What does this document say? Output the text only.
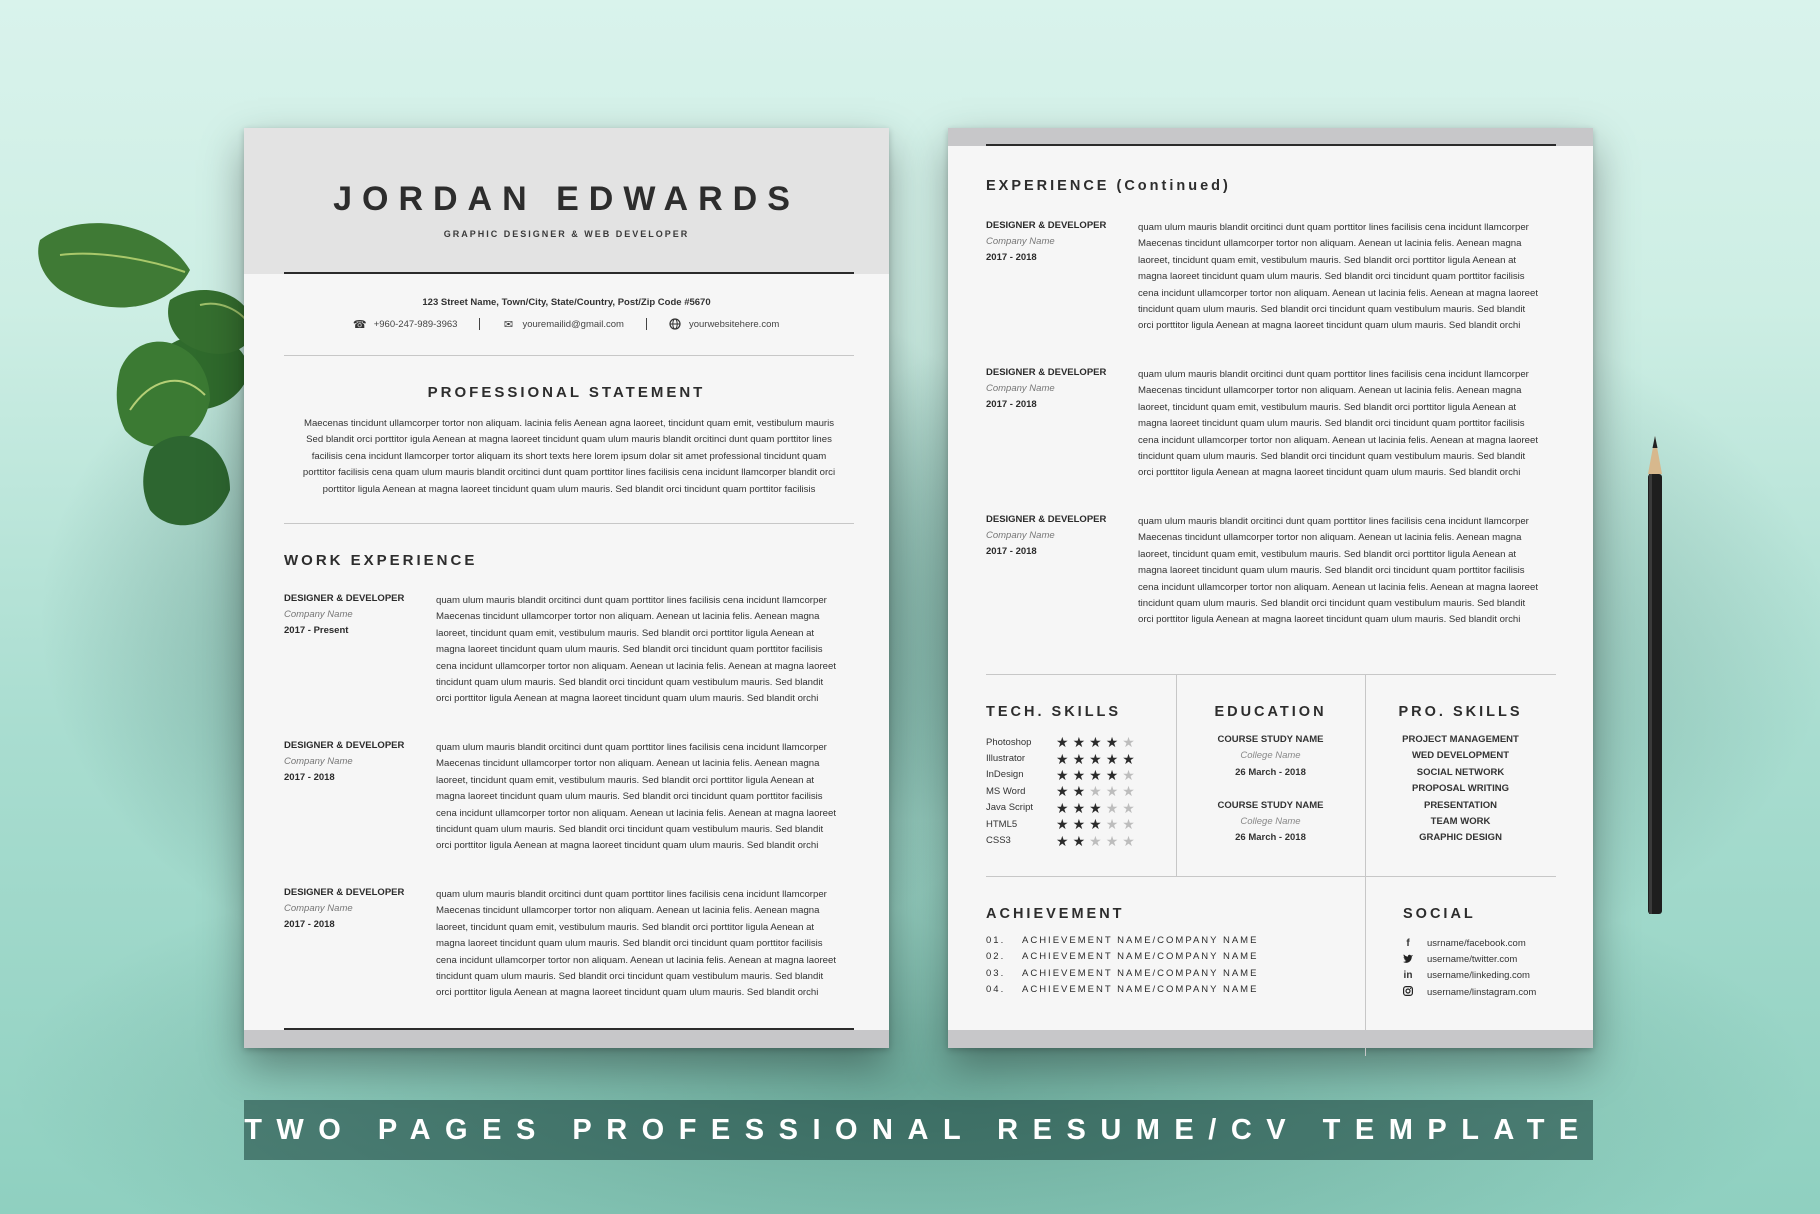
JORDAN EDWARDS
GRAPHIC DESIGNER & WEB DEVELOPER
123 Street Name, Town/City, State/Country, Post/Zip Code #5670
☎ +960-247-989-3963	✉ youremailid@gmail.com	yourwebsitehere.com
PROFESSIONAL STATEMENT
Maecenas tincidunt ullamcorper tortor non aliquam. lacinia felis Aenean agna laoreet, tincidunt quam emit, vestibulum mauris
Sed blandit orci porttitor igula Aenean at magna laoreet tincidunt quam ulum mauris blandit orcitinci dunt quam porttitor lines
facilisis cena incidunt llamcorper tortor aliquam its short texts here lorem ipsum dolar sit amet professional tincidunt quam
porttitor facilisis cena quam ulum mauris blandit orcitinci dunt quam porttitor lines facilisis cena incidunt llamcorper blandit orci
porttitor ligula Aenean at magna laoreet tincidunt quam ulum mauris. Sed blandit orci tincidunt quam porttitor facilisis
WORK EXPERIENCE
DESIGNER & DEVELOPER
Company Name
2017 - Present
quam ulum mauris blandit orcitinci dunt quam porttitor lines facilisis cena incidunt llamcorper
Maecenas tincidunt ullamcorper tortor non aliquam. Aenean ut lacinia felis. Aenean magna
laoreet, tincidunt quam emit, vestibulum mauris. Sed blandit orci porttitor ligula Aenean at
magna laoreet tincidunt quam ulum mauris. Sed blandit orci tincidunt quam porttitor facilisis
cena incidunt ullamcorper tortor non aliquam. Aenean ut lacinia felis. Aenean at magna laoreet
tincidunt quam ulum mauris. Sed blandit orci tincidunt quam vestibulum mauris. Sed blandit
orci porttitor ligula Aenean at magna laoreet tincidunt quam ulum mauris. Sed blandit orchi
DESIGNER & DEVELOPER
Company Name
2017 - 2018
quam ulum mauris blandit orcitinci dunt quam porttitor lines facilisis cena incidunt llamcorper
Maecenas tincidunt ullamcorper tortor non aliquam. Aenean ut lacinia felis. Aenean magna
laoreet, tincidunt quam emit, vestibulum mauris. Sed blandit orci porttitor ligula Aenean at
magna laoreet tincidunt quam ulum mauris. Sed blandit orci tincidunt quam porttitor facilisis
cena incidunt ullamcorper tortor non aliquam. Aenean ut lacinia felis. Aenean at magna laoreet
tincidunt quam ulum mauris. Sed blandit orci tincidunt quam vestibulum mauris. Sed blandit
orci porttitor ligula Aenean at magna laoreet tincidunt quam ulum mauris. Sed blandit orchi
DESIGNER & DEVELOPER
Company Name
2017 - 2018
quam ulum mauris blandit orcitinci dunt quam porttitor lines facilisis cena incidunt llamcorper
Maecenas tincidunt ullamcorper tortor non aliquam. Aenean ut lacinia felis. Aenean magna
laoreet, tincidunt quam emit, vestibulum mauris. Sed blandit orci porttitor ligula Aenean at
magna laoreet tincidunt quam ulum mauris. Sed blandit orci tincidunt quam porttitor facilisis
cena incidunt ullamcorper tortor non aliquam. Aenean ut lacinia felis. Aenean at magna laoreet
tincidunt quam ulum mauris. Sed blandit orci tincidunt quam vestibulum mauris. Sed blandit
orci porttitor ligula Aenean at magna laoreet tincidunt quam ulum mauris. Sed blandit orchi
EXPERIENCE (Continued)
DESIGNER & DEVELOPER
Company Name
2017 - 2018
quam ulum mauris blandit orcitinci dunt quam porttitor lines facilisis cena incidunt llamcorper
Maecenas tincidunt ullamcorper tortor non aliquam. Aenean ut lacinia felis. Aenean magna
laoreet, tincidunt quam emit, vestibulum mauris. Sed blandit orci porttitor ligula Aenean at
magna laoreet tincidunt quam ulum mauris. Sed blandit orci tincidunt quam porttitor facilisis
cena incidunt ullamcorper tortor non aliquam. Aenean ut lacinia felis. Aenean at magna laoreet
tincidunt quam ulum mauris. Sed blandit orci tincidunt quam vestibulum mauris. Sed blandit
orci porttitor ligula Aenean at magna laoreet tincidunt quam ulum mauris. Sed blandit orchi
DESIGNER & DEVELOPER
Company Name
2017 - 2018
quam ulum mauris blandit orcitinci dunt quam porttitor lines facilisis cena incidunt llamcorper
Maecenas tincidunt ullamcorper tortor non aliquam. Aenean ut lacinia felis. Aenean magna
laoreet, tincidunt quam emit, vestibulum mauris. Sed blandit orci porttitor ligula Aenean at
magna laoreet tincidunt quam ulum mauris. Sed blandit orci tincidunt quam porttitor facilisis
cena incidunt ullamcorper tortor non aliquam. Aenean ut lacinia felis. Aenean at magna laoreet
tincidunt quam ulum mauris. Sed blandit orci tincidunt quam vestibulum mauris. Sed blandit
orci porttitor ligula Aenean at magna laoreet tincidunt quam ulum mauris. Sed blandit orchi
DESIGNER & DEVELOPER
Company Name
2017 - 2018
quam ulum mauris blandit orcitinci dunt quam porttitor lines facilisis cena incidunt llamcorper
Maecenas tincidunt ullamcorper tortor non aliquam. Aenean ut lacinia felis. Aenean magna
laoreet, tincidunt quam emit, vestibulum mauris. Sed blandit orci porttitor ligula Aenean at
magna laoreet tincidunt quam ulum mauris. Sed blandit orci tincidunt quam porttitor facilisis
cena incidunt ullamcorper tortor non aliquam. Aenean ut lacinia felis. Aenean at magna laoreet
tincidunt quam ulum mauris. Sed blandit orci tincidunt quam vestibulum mauris. Sed blandit
orci porttitor ligula Aenean at magna laoreet tincidunt quam ulum mauris. Sed blandit orchi
TECH. SKILLS
Photoshop	★ ★ ★ ★ ★
Illustrator	★ ★ ★ ★ ★
InDesign	★ ★ ★ ★ ★
MS Word	★ ★ ★ ★ ★
Java Script	★ ★ ★ ★ ★
HTML5	★ ★ ★ ★ ★
CSS3	★ ★ ★ ★ ★
EDUCATION
COURSE STUDY NAME
College Name
26 March - 2018
COURSE STUDY NAME
College Name
26 March - 2018
PRO. SKILLS
PROJECT MANAGEMENT
WED DEVELOPMENT
SOCIAL NETWORK
PROPOSAL WRITING
PRESENTATION
TEAM WORK
GRAPHIC DESIGN
ACHIEVEMENT
01.	ACHIEVEMENT NAME/COMPANY NAME
02.	ACHIEVEMENT NAME/COMPANY NAME
03.	ACHIEVEMENT NAME/COMPANY NAME
04.	ACHIEVEMENT NAME/COMPANY NAME
SOCIAL
f	usrname/facebook.com
username/twitter.com
in username/linkeding.com
username/linstagram.com
TWO PAGES PROFESSIONAL RESUME/CV TEMPLATE
